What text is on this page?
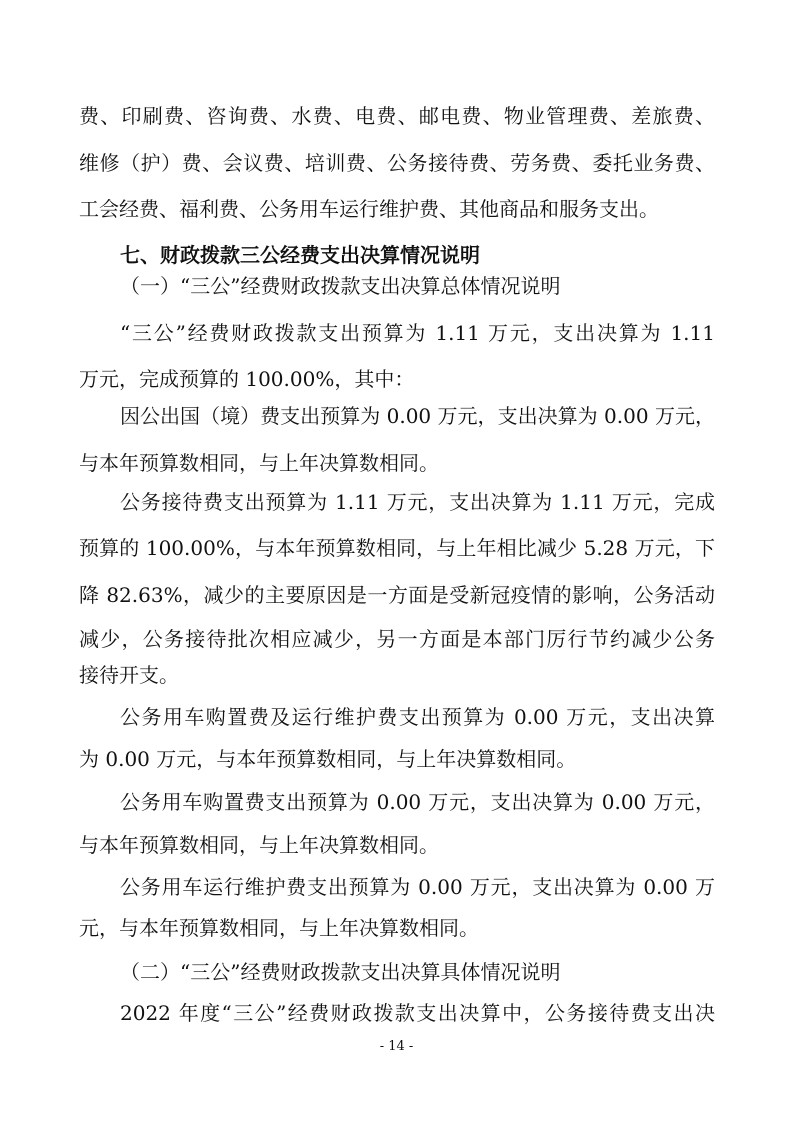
费、印刷费、咨询费、水费、电费、邮电费、物业管理费、差旅费、
维修（护）费、会议费、培训费、公务接待费、劳务费、委托业务费、
工会经费、福利费、公务用车运行维护费、其他商品和服务支出。
七、财政拨款三公经费支出决算情况说明
（一）“三公”经费财政拨款支出决算总体情况说明
“三公”经费财政拨款支出预算为 1.11 万元，支出决算为 1.11
万元，完成预算的 100.00%，其中：
因公出国（境）费支出预算为 0.00 万元，支出决算为 0.00 万元，
与本年预算数相同，与上年决算数相同。
公务接待费支出预算为 1.11 万元，支出决算为 1.11 万元，完成
预算的 100.00%，与本年预算数相同，与上年相比减少 5.28 万元，下
降 82.63%，减少的主要原因是一方面是受新冠疫情的影响，公务活动
减少，公务接待批次相应减少，另一方面是本部门厉行节约减少公务
接待开支。
公务用车购置费及运行维护费支出预算为 0.00 万元，支出决算
为 0.00 万元，与本年预算数相同，与上年决算数相同。
公务用车购置费支出预算为 0.00 万元，支出决算为 0.00 万元，
与本年预算数相同，与上年决算数相同。
公务用车运行维护费支出预算为 0.00 万元，支出决算为 0.00 万
元，与本年预算数相同，与上年决算数相同。
（二）“三公”经费财政拨款支出决算具体情况说明
2022 年度“三公”经费财政拨款支出决算中，公务接待费支出决
- 14 -
